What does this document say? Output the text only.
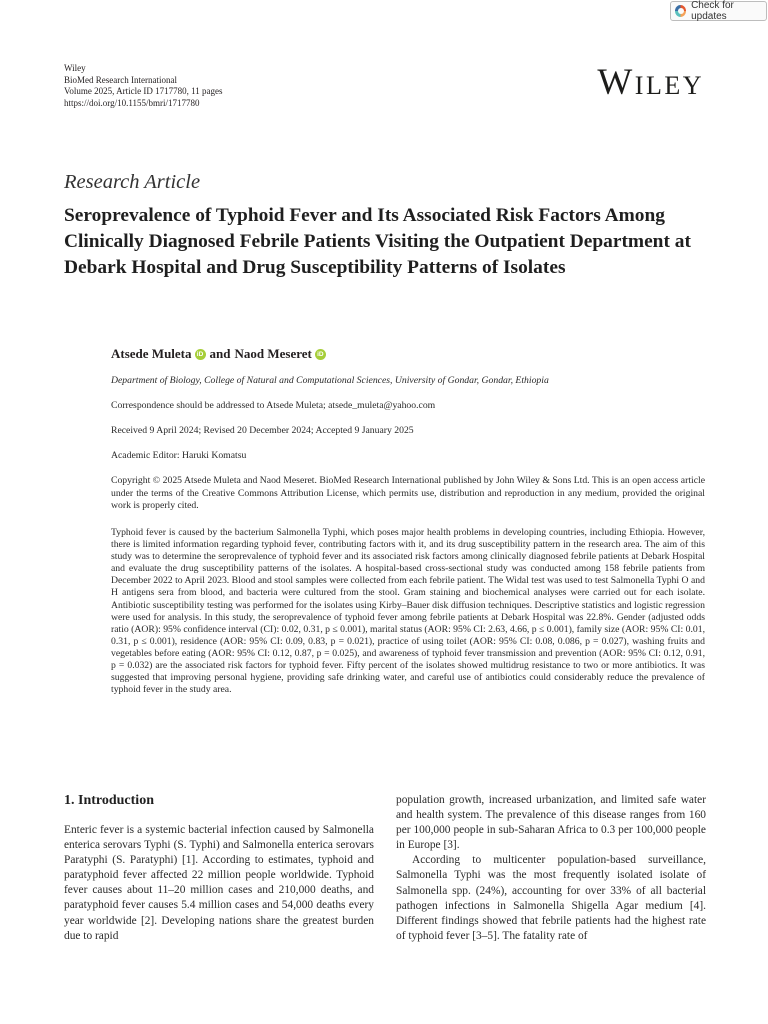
Check for updates
Wiley
BioMed Research International
Volume 2025, Article ID 1717780, 11 pages
https://doi.org/10.1155/bmri/1717780	Wiley
Research Article
Seroprevalence of Typhoid Fever and Its Associated Risk Factors Among Clinically Diagnosed Febrile Patients Visiting the Outpatient Department at Debark Hospital and Drug Susceptibility Patterns of Isolates
Atsede Muleta iD and Naod Meseret iD
Department of Biology, College of Natural and Computational Sciences, University of Gondar, Gondar, Ethiopia
Correspondence should be addressed to Atsede Muleta; atsede_muleta@yahoo.com
Received 9 April 2024; Revised 20 December 2024; Accepted 9 January 2025
Academic Editor: Haruki Komatsu
Copyright © 2025 Atsede Muleta and Naod Meseret. BioMed Research International published by John Wiley & Sons Ltd. This is an open access article under the terms of the Creative Commons Attribution License, which permits use, distribution and reproduction in any medium, provided the original work is properly cited.
Typhoid fever is caused by the bacterium Salmonella Typhi, which poses major health problems in developing countries, including Ethiopia. However, there is limited information regarding typhoid fever, contributing factors with it, and its drug susceptibility pattern in the research area. The aim of this study was to determine the seroprevalence of typhoid fever and its associated risk factors among clinically diagnosed febrile patients at Debark Hospital and evaluate the drug susceptibility patterns of the isolates. A hospital-based cross-sectional study was conducted among 158 febrile patients from December 2022 to April 2023. Blood and stool samples were collected from each febrile patient. The Widal test was used to test Salmonella Typhi O and H antigens sera from blood, and bacteria were cultured from the stool. Gram staining and biochemical analyses were carried out for each isolate. Antibiotic susceptibility testing was performed for the isolates using Kirby–Bauer disk diffusion techniques. Descriptive statistics and logistic regression were used for analysis. In this study, the seroprevalence of typhoid fever among febrile patients at Debark Hospital was 22.8%. Gender (adjusted odds ratio (AOR): 95% confidence interval (CI): 0.02, 0.31, p ≤ 0.001), marital status (AOR: 95% CI: 2.63, 4.66, p ≤ 0.001), family size (AOR: 95% CI: 0.01, 0.31, p ≤ 0.001), residence (AOR: 95% CI: 0.09, 0.83, p = 0.021), practice of using toilet (AOR: 95% CI: 0.08, 0.086, p = 0.027), washing fruits and vegetables before eating (AOR: 95% CI: 0.12, 0.87, p = 0.025), and awareness of typhoid fever transmission and prevention (AOR: 95% CI: 0.12, 0.91, p = 0.032) are the associated risk factors for typhoid fever. Fifty percent of the isolates showed multidrug resistance to two or more antibiotics. It was suggested that improving personal hygiene, providing safe drinking water, and careful use of antibiotics could considerably reduce the prevalence of typhoid fever in the study area.
1. Introduction

Enteric fever is a systemic bacterial infection caused by Salmonella enterica serovars Typhi (S. Typhi) and Salmonella enterica serovars Paratyphi (S. Paratyphi) [1]. According to estimates, typhoid and paratyphoid fever affected 22 million people worldwide. Typhoid fever causes about 11–20 million cases and 210,000 deaths, and paratyphoid fever causes 5.4 million cases and 54,000 deaths every year worldwide [2]. Developing nations share the greatest burden due to rapid

population growth, increased urbanization, and limited safe water and health system. The prevalence of this disease ranges from 160 per 100,000 people in sub-Saharan Africa to 0.3 per 100,000 people in Europe [3].

According to multicenter population-based surveillance, Salmonella Typhi was the most frequently isolated isolate of Salmonella spp. (24%), accounting for over 33% of all bacterial pathogen infections in Salmonella Shigella Agar medium [4]. Different findings showed that febrile patients had the highest rate of typhoid fever [3–5]. The fatality rate of
